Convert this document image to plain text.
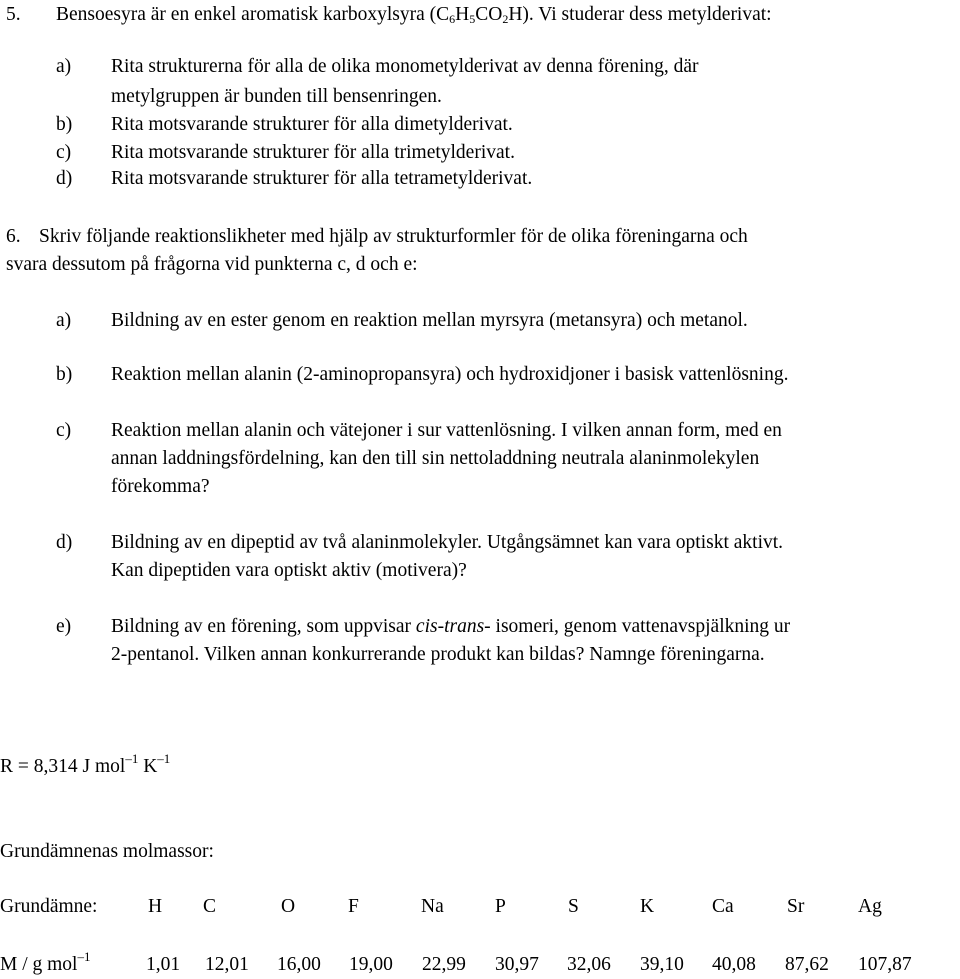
5. Bensoesyra är en enkel aromatisk karboxylsyra $(C_6H_5CO_2H)$. Vi studerar dess metylderivat:
a) Rita strukturerna för alla de olika monometylderivat av denna förening, där
metylgruppen är bunden till bensenringen.
b) Rita motsvarande strukturer för alla dimetylderivat.
c) Rita motsvarande strukturer för alla trimetylderivat.
d) Rita motsvarande strukturer för alla tetrametylderivat.
6. Skriv följande reaktionslikheter med hjälp av strukturformler för de olika föreningarna och
svara dessutom på frågorna vid punkterna c, d och e:
a) Bildning av en ester genom en reaktion mellan myrsyra (metansyra) och metanol.
b) Reaktion mellan alanin (2-aminopropansyra) och hydroxidjoner i basisk vattenlösning.
c) Reaktion mellan alanin och vätejoner i sur vattenlösning. I vilken annan form, med en
annan laddningsfördelning, kan den till sin nettoladdning neutrala alaninmolekylen
förekomma?
d) Bildning av en dipeptid av två alaninmolekyler. Utgångsämnet kan vara optiskt aktivt.
Kan dipeptiden vara optiskt aktiv (motivera)?
e) Bildning av en förening, som uppvisar cis-trans- isomeri, genom vattenavspjälkning ur
2-pentanol. Vilken annan konkurrerande produkt kan bildas? Namnge föreningarna.
R = 8,314 J mol$^{-1}$ $K^{-1}$
Grundämnenas molmassor:
Grundämne:	H C	O	F	Na	P	S	K	Ca	Sr	Ag
M / g mol$^{-1}$	1,01 12,01 16,00 19,00 22,99 30,97 32,06 39,10 40,08 87,62 107,87
